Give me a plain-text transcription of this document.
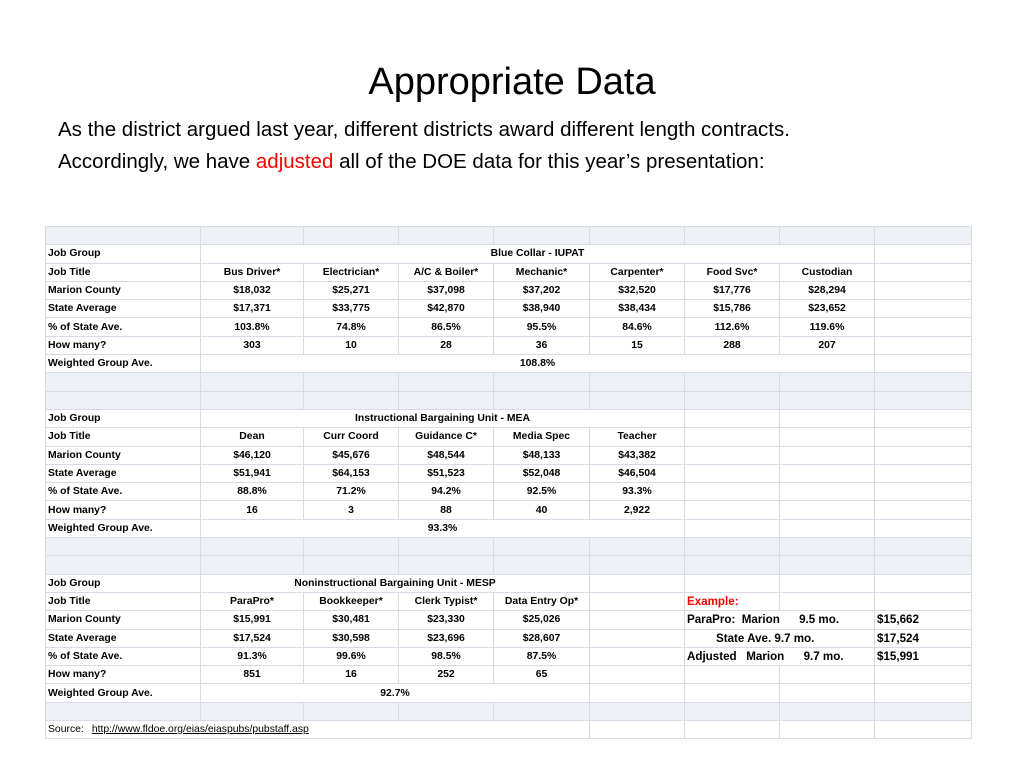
Appropriate Data
As the district argued last year, different districts award different length contracts.
Accordingly, we have adjusted all of the DOE data for this year’s presentation:

Job Group	Blue Collar - IUPAT							
Job Title	Bus Driver*	Electrician*	A/C & Boiler*	Mechanic*	Carpenter*	Food Svc*	Custodian	
Marion County	$18,032	$25,271	$37,098	$37,202	$32,520	$17,776	$28,294	
State Average	$17,371	$33,775	$42,870	$38,940	$38,434	$15,786	$23,652	
% of State Ave.	103.8%	74.8%	86.5%	95.5%	84.6%	112.6%	119.6%	
How many?	303	10	28	36	15	288	207	
Weighted Group Ave.	108.8%							

Job Group	Instructional Bargaining Unit - MEA							
Job Title	Dean	Curr Coord	Guidance C*	Media Spec	Teacher			
Marion County	$46,120	$45,676	$48,544	$48,133	$43,382			
State Average	$51,941	$64,153	$51,523	$52,048	$46,504			
% of State Ave.	88.8%	71.2%	94.2%	92.5%	93.3%			
How many?	16	3	88	40	2,922			
Weighted Group Ave.	93.3%							

Job Group	Noninstructional Bargaining Unit - MESP							
Job Title	ParaPro*	Bookkeeper*	Clerk Typist*	Data Entry Op*		Example:		
Marion County	$15,991	$30,481	$23,330	$25,026		ParaPro:  Marion      9.5 mo.		$15,662
State Average	$17,524	$30,598	$23,696	$28,607		State Ave. 9.7 mo.		$17,524
% of State Ave.	91.3%	99.6%	98.5%	87.5%		Adjusted   Marion      9.7 mo.		$15,991
How many?	851	16	252	65				
Weighted Group Ave.	92.7%							

Source: http://www.fldoe.org/eias/eiaspubs/pubstaff.asp								
